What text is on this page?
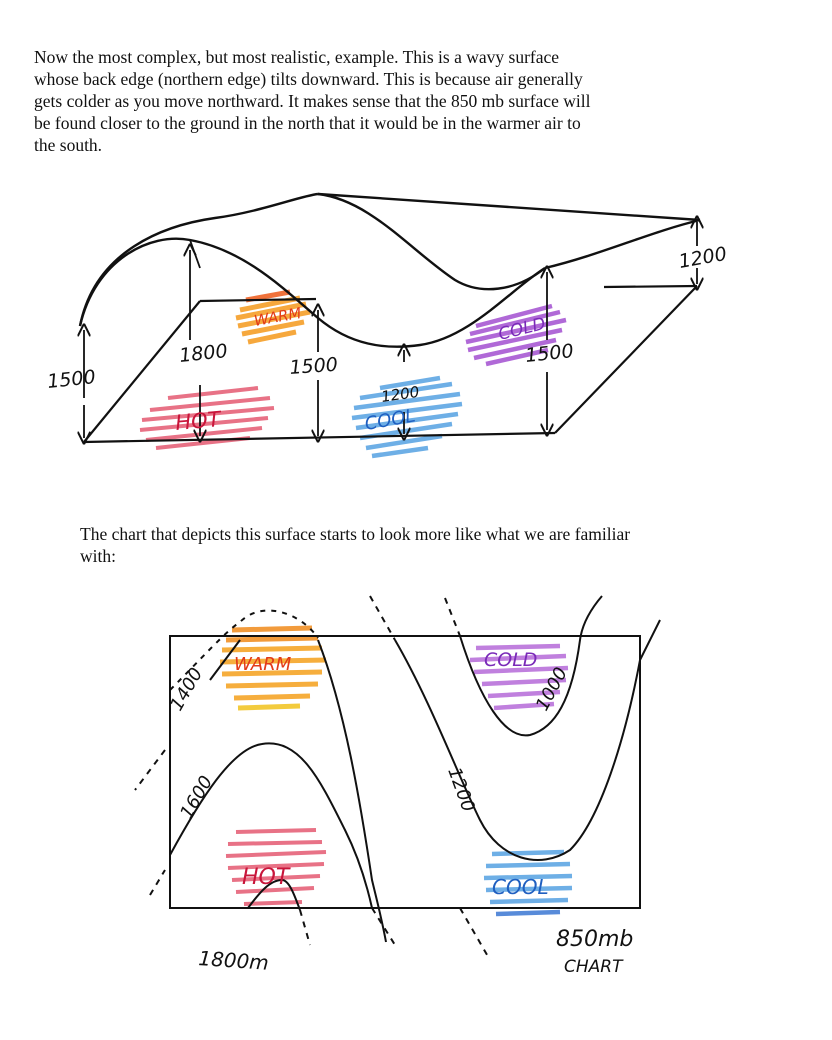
Now the most complex, but most realistic, example. This is a wavy surface
whose back edge (northern edge) tilts downward. This is because air generally
gets colder as you move northward. It makes sense that the 850 mb surface will
be found closer to the ground in the north that it would be in the warmer air to
the south.
1500
1800	1500
1200
1500
1200
WARM	COLD
HOT	COOL
The chart that depicts this surface starts to look more like what we are familiar
with:
1400
1600	1200
1000
1800m
WARM	COLD
HOT	COOL
850mb
CHART
